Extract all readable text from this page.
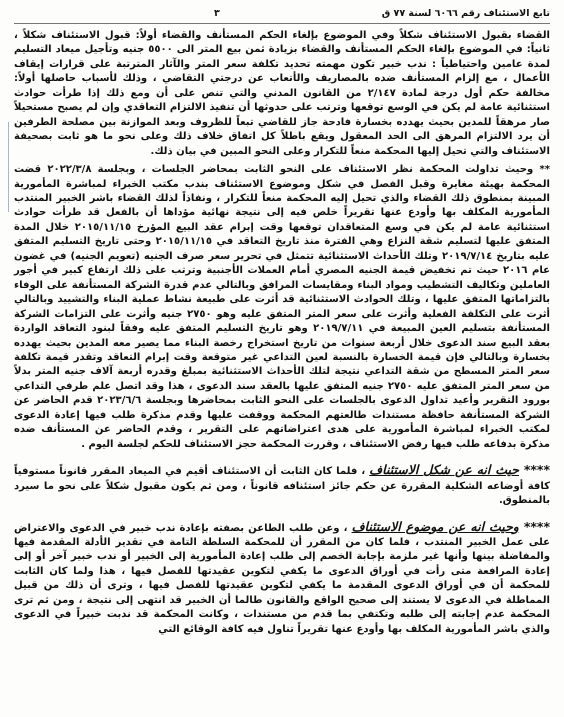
تابع الاستئناف رقم ٦٠٦٦ لسنة ٧٧ ق
٣

القضاء بقبول الاستئناف شكلاً وفي الموضوع بإلغاء الحكم المستأنف والقضاء أولاً: قبول الاستئناف شكلاً ، ثانياً: في الموضوع بإلغاء الحكم المستأنف والقضاء بزيادة ثمن بيع المتر الى ٥٥٠٠ جنيه وتأجيل ميعاد التسليم لمدة عامين واحتياطياً : ندب خبير تكون مهمته تحديد تكلفة سعر المتر والآثار المترتبة على قرارات إيقاف الأعمال ، مع إلزام المستأنف ضده بالمصاريف والأتعاب عن درجتي التقاضي ، وذلك لأسباب حاصلها أولاً: مخالفة حكم أول درجة لمادة ٢/١٤٧ من القانون المدني والتي تنص على أن ومع ذلك إذا طرأت حوادث استثنائية عامة لم يكن في الوسع توقعها وترتب على حدوثها أن تنفيذ الالتزام التعاقدي وإن لم يصبح مستحيلاً صار مرهقاً للمدين بحيث يهدده بخسارة فادحة جاز للقاضي تبعاً للظروف وبعد الموازنة بين مصلحة الطرفين أن يرد الالتزام المرهق الى الحد المعقول ويقع باطلاً كل اتفاق خلاف ذلك وعلى نحو ما هو ثابت بصحيفة الاستئناف والتي تحيل إليها المحكمة منعاً للتكرار وعلى النحو المبين في بيان ذلك.

** وحيث تداولت المحكمة نظر الاستئناف على النحو الثابت بمحاضر الجلسات ، وبجلسة ٢٠٢٢/٣/٨ قضت المحكمة بهيئة مغايرة وقبل الفصل في شكل وموضوع الاستئناف بندب مكتب الخبراء لمباشرة المأمورية المبينة بمنطوق ذلك القضاء والذي تحيل إليه المحكمة منعاً للتكرار ، ونفاذاً لذلك القضاء باشر الخبير المنتدب المأمورية المكلف بها وأودع عنها تقريراً خلص فيه إلى نتيجة نهائية مؤداها أن بالفعل قد طرأت حوادث استثنائية عامة لم يكن في وسع المتعاقدان توقعها وقت إبرام عقد البيع المؤرخ ٢٠١٥/١١/١٥ خلال المدة المتفق عليها لتسليم شقة النزاع وهي الفترة منذ تاريخ التعاقد في ٢٠١٥/١١/١٥ وحتى تاريخ التسليم المتفق عليه بتاريخ ٢٠١٩/٧/١٤ وتلك الأحداث الاستثنائية تتمثل في تحرير سعر صرف الجنيه (تعويم الجنيه) في غضون عام ٢٠١٦ حيث تم تخفيض قيمة الجنيه المصري أمام العملات الأجنبية وترتب على ذلك ارتفاع كبير في أجور العاملين وتكاليف التشطيب ومواد البناء ومقايسات المرافق وبالتالي عدم قدرة الشركة المستأنفة على الوفاء بالتزاماتها المتفق عليها ، وتلك الحوادث الاستثنائية قد أثرت على طبيعة نشاط عملية البناء والتشييد وبالتالي أثرت على التكلفة الفعلية وأثرت على سعر المتر المتفق عليه وهو ٢٧٥٠ جنيه وأثرت على التزامات الشركة المستأنفة بتسليم العين المبيعة في ٢٠١٩/٧/١١ وهو تاريخ التسليم المتفق عليه وفقاً لبنود التعاقد الواردة بعقد البيع سند الدعوى خلال أربعة سنوات من تاريخ استخراج رخصة البناء مما يصير معه المدين بحيث يهدده بخسارة وبالتالي فإن قيمة الخسارة بالنسبة لعين التداعي غير متوقعة وقت إبرام التعاقد وتقدر قيمة تكلفة سعر المتر المسطح من شقة التداعي نتيجة لتلك الأحداث الاستثنائية بمبلغ وقدره أربعة آلاف جنيه المتر بدلاً من سعر المتر المتفق عليه ٢٧٥٠ جنيه المتفق عليها بالعقد سند الدعوى ، هذا وقد اتصل علم طرفي التداعي بورود التقرير وأعيد تداول الدعوى بالجلسات على النحو الثابت بمحاضرها وبجلسة ٢٠٢٣/٦/٦ قدم الحاضر عن الشركة المستأنفة حافظة مستندات طالعتهم المحكمة ووقفت عليها وقدم مذكرة طلب فيها إعادة الدعوى لمكتب الخبراء لمباشرة المأمورية على هدى اعتراضاتهم على التقرير ، وقدم الحاضر عن المستأنف ضده مذكرة بدفاعه طلب فيها رفض الاستئناف ، وقررت المحكمة حجز الاستئناف للحكم لجلسة اليوم .

**** حيث انه عن شكل الاستئناف ، فلما كان الثابت أن الاستئناف أقيم في الميعاد المقرر قانوناً مستوفياً كافة أوضاعه الشكلية المقررة عن حكم جائز استئنافه قانوناً ، ومن ثم يكون مقبول شكلاً على نحو ما سيرد بالمنطوق.

**** وحيث انه عن موضوع الاستئناف ، وعن طلب الطاعن بصفته بإعادة ندب خبير في الدعوى والاعتراض على عمل الخبير المنتدب ، فلما كان من المقرر أن للمحكمة السلطة التامة في تقدير الأدلة المقدمة فيها والمفاضلة بينها وأنها غير ملزمة بإجابة الخصم إلى طلب إعادة المأمورية إلى الخبير أو ندب خبير آخر أو إلى إعادة المرافعة متى رأت في أوراق الدعوى ما يكفي لتكوين عقيدتها للفصل فيها ، هذا ولما كان الثابت للمحكمة أن في أوراق الدعوى المقدمة ما يكفي لتكوين عقيدتها للفصل فيها ، وترى أن ذلك من قبيل المماطلة في الدعوى لا يستند إلى صحيح الواقع والقانون طالما أن الخبير قد انتهى إلى نتيجة ، ومن ثم ترى المحكمة عدم إجابته إلى طلبه وتكتفي بما قدم من مستندات ، وكانت المحكمة قد ندبت خبيراً في الدعوى والذي باشر المأمورية المكلف بها وأودع عنها تقريراً تناول فيه كافة الوقائع التي
